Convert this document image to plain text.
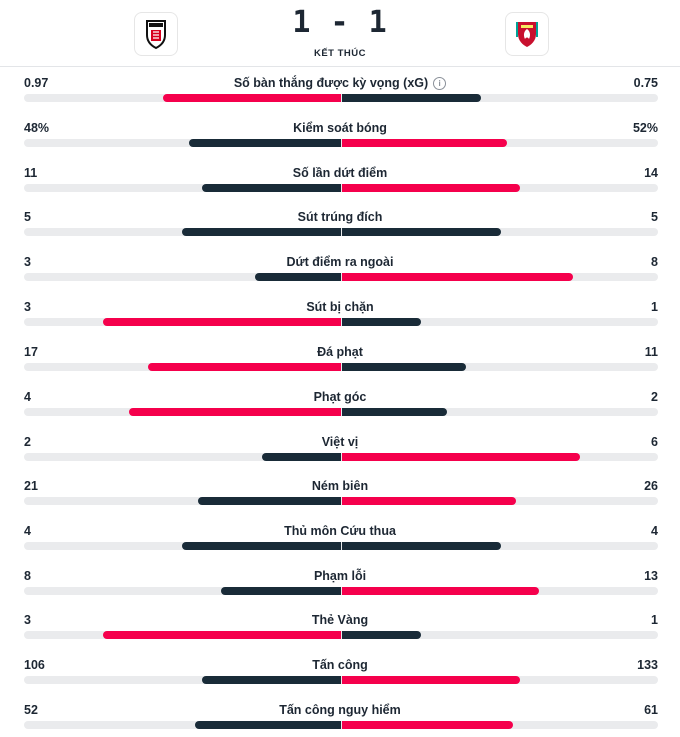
1 - 1
KẾT THÚC
0.97	Số bàn thắng được kỳ vọng (xG) i	0.75
48%	Kiểm soát bóng	52%
11	Số lần dứt điểm	14
5	Sút trúng đích	5
3	Dứt điểm ra ngoài	8
3	Sút bị chặn	1
17	Đá phạt	11
4	Phạt góc	2
2	Việt vị	6
21	Ném biên	26
4	Thủ môn Cứu thua	4
8	Phạm lỗi	13
3	Thẻ Vàng	1
106	Tấn công	133
52	Tấn công nguy hiểm	61
